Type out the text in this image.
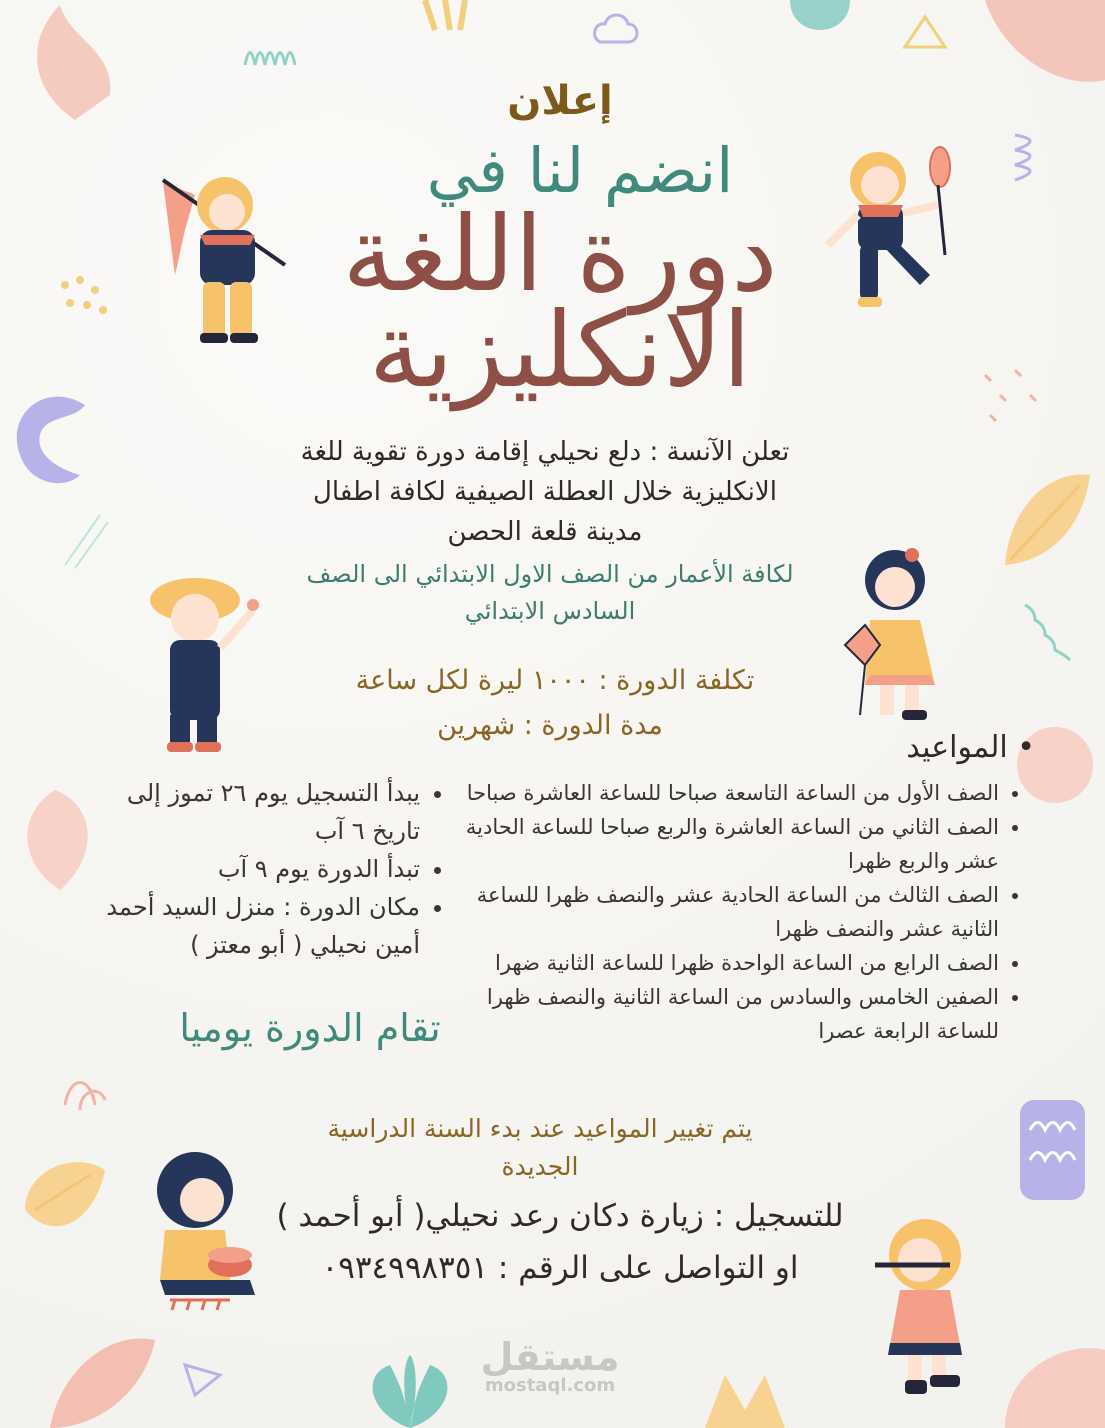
إعلان
انضم لنا في
دورة اللغة الانكليزية
تعلن الآنسة : دلع نحيلي إقامة دورة تقوية للغة الانكليزية خلال العطلة الصيفية لكافة اطفال مدينة قلعة الحصن
لكافة الأعمار من الصف الاول الابتدائي الى الصف السادس الابتدائي
تكلفة الدورة : ١٠٠٠ ليرة لكل ساعة
مدة الدورة : شهرين
• المواعيد
• الصف الأول من الساعة التاسعة صباحا للساعة العاشرة صباحا
• الصف الثاني من الساعة العاشرة والربع صباحا للساعة الحادية عشر والربع ظهرا
• الصف الثالث من الساعة الحادية عشر والنصف ظهرا للساعة الثانية عشر والنصف ظهرا
• الصف الرابع من الساعة الواحدة ظهرا للساعة الثانية ضهرا
• الصفين الخامس والسادس من الساعة الثانية والنصف ظهرا للساعة الرابعة عصرا
• يبدأ التسجيل يوم ٢٦ تموز إلى تاريخ ٦ آب
• تبدأ الدورة يوم ٩ آب
• مكان الدورة : منزل السيد أحمد أمين نحيلي ( أبو معتز )
تقام الدورة يوميا
يتم تغيير المواعيد عند بدء السنة الدراسية الجديدة
للتسجيل : زيارة دكان رعد نحيلي( أبو أحمد )
او التواصل على الرقم : ٠٩٣٤٩٩٨٣٥١
مستقل
mostaql.com
